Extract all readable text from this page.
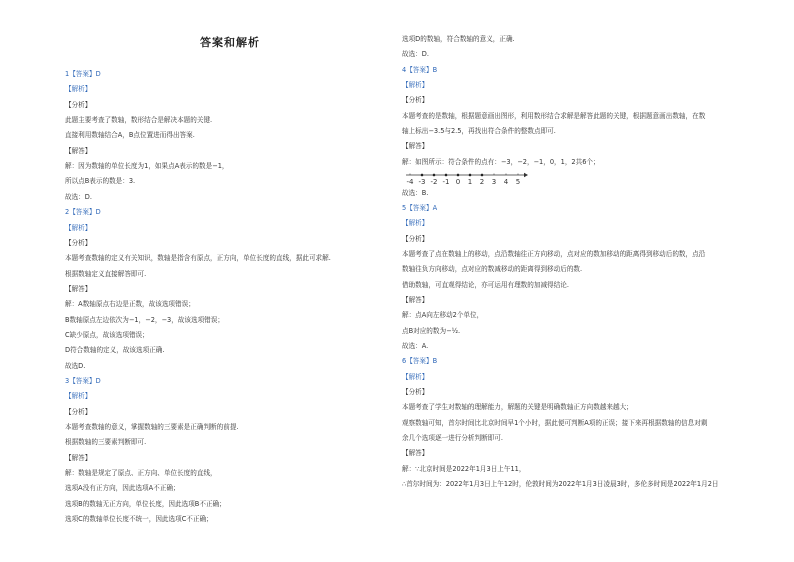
答案和解析
1【答案】D
【解析】
【分析】
此题主要考查了数轴，数形结合是解决本题的关键.
直接利用数轴结合A，B点位置进而得出答案.
【解答】
解：因为数轴的单位长度为1，如果点A表示的数是−1，
所以点B表示的数是：3.
故选：D.
2【答案】D
【解析】
【分析】
本题考查数轴的定义有关知识，数轴是指含有原点，正方向，单位长度的直线，据此可求解.
根据数轴定义直接解答即可.
【解答】
解：A数轴原点右边是正数，故该选项错误；
B数轴原点左边依次为−1，−2，−3，故该选项错误；
C缺少原点，故该选项错误；
D符合数轴的定义，故该选项正确.
故选D.
3【答案】D
【解析】
【分析】
本题考查数轴的意义，掌握数轴的三要素是正确判断的前提.
根据数轴的三要素判断即可.
【解答】
解：数轴是规定了原点、正方向、单位长度的直线，
选项A没有正方向，因此选项A不正确；
选项B的数轴无正方向，单位长度，因此选项B不正确；
选项C的数轴单位长度不统一，因此选项C不正确；
选项D的数轴，符合数轴的意义，正确.
故选：D.
4【答案】B
【解析】
【分析】
本题考查的是数轴，根据题意画出图形，利用数形结合求解是解答此题的关键，根据题意画出数轴，在数
轴上标出−3.5与2.5，再找出符合条件的整数点即可.
【解答】
解：如图所示：符合条件的点有：−3，−2，−1，0，1，2共6个；
-4 -3 -2 -1 0 1 2 3 4 5
故选：B.
5【答案】A
【解析】
【分析】
本题考查了点在数轴上的移动，点沿数轴往正方向移动，点对应的数加移动的距离得到移动后的数，点沿
数轴往负方向移动，点对应的数减移动的距离得到移动后的数.
借助数轴，可直观得结论，亦可运用有理数的加减得结论.
【解答】
解：点A向左移动2个单位，
点B对应的数为−½.
故选：A.
6【答案】B
【解析】
【分析】
本题考查了学生对数轴的理解能力，解题的关键是明确数轴正方向数越来越大；
观察数轴可知，首尔时间比北京时间早1个小时，据此便可判断A项的正误；接下来再根据数轴的信息对剩
余几个选项逐一进行分析判断即可.
【解答】
解：∵北京时间是2022年1月3日上午11，
∴首尔时间为：2022年1月3日上午12时，伦敦时间为2022年1月3日凌晨3时，多伦多时间是2022年1月2日
